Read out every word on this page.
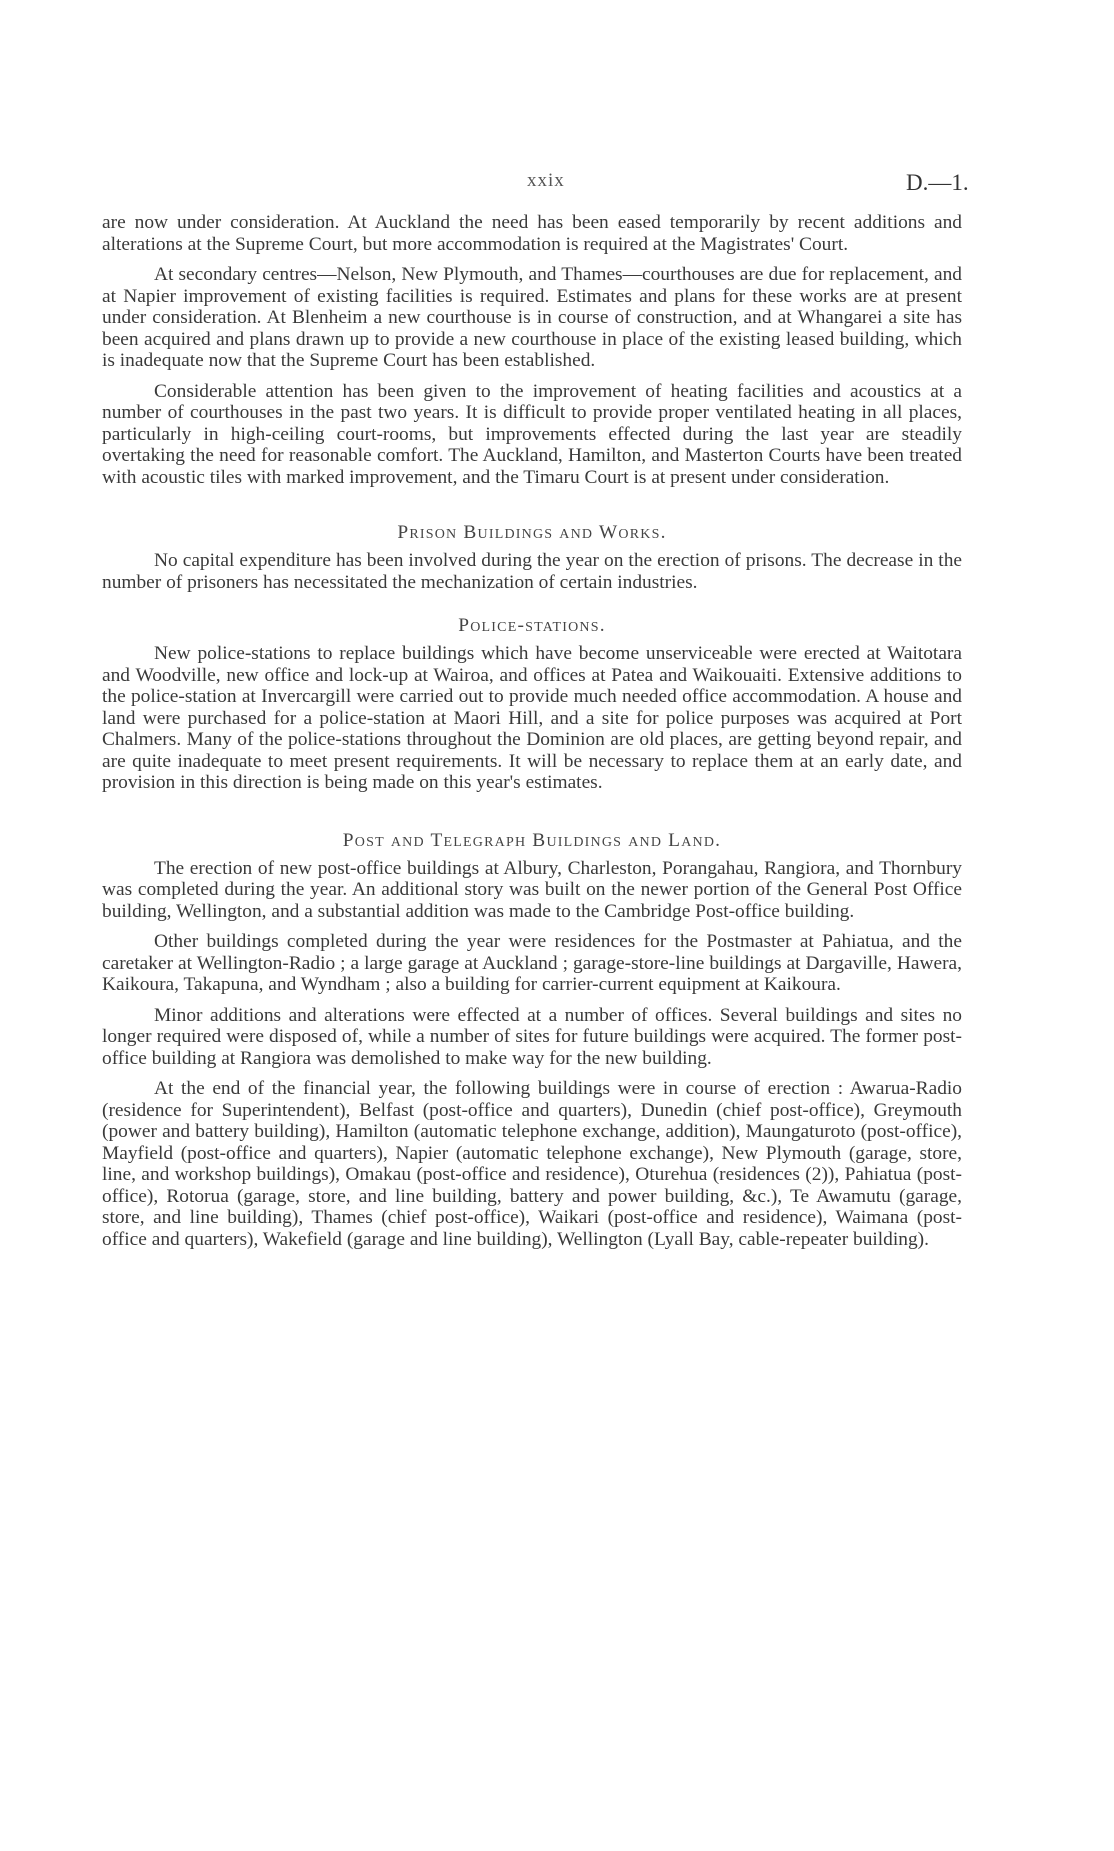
xxix	D.—1.

are now under consideration. At Auckland the need has been eased temporarily by recent additions and alterations at the Supreme Court, but more accommodation is required at the Magistrates' Court.

At secondary centres—Nelson, New Plymouth, and Thames—courthouses are due for replacement, and at Napier improvement of existing facilities is required. Estimates and plans for these works are at present under consideration. At Blenheim a new courthouse is in course of construction, and at Whangarei a site has been acquired and plans drawn up to provide a new courthouse in place of the existing leased building, which is inadequate now that the Supreme Court has been established.

Considerable attention has been given to the improvement of heating facilities and acoustics at a number of courthouses in the past two years. It is difficult to provide proper ventilated heating in all places, particularly in high-ceiling court-rooms, but improvements effected during the last year are steadily overtaking the need for reasonable comfort. The Auckland, Hamilton, and Masterton Courts have been treated with acoustic tiles with marked improvement, and the Timaru Court is at present under consideration.

Prison Buildings and Works.

No capital expenditure has been involved during the year on the erection of prisons. The decrease in the number of prisoners has necessitated the mechanization of certain industries.

Police-stations.

New police-stations to replace buildings which have become unserviceable were erected at Waitotara and Woodville, new office and lock-up at Wairoa, and offices at Patea and Waikouaiti. Extensive additions to the police-station at Invercargill were carried out to provide much needed office accommodation. A house and land were purchased for a police-station at Maori Hill, and a site for police purposes was acquired at Port Chalmers. Many of the police-stations throughout the Dominion are old places, are getting beyond repair, and are quite inadequate to meet present requirements. It will be necessary to replace them at an early date, and provision in this direction is being made on this year's estimates.

Post and Telegraph Buildings and Land.

The erection of new post-office buildings at Albury, Charleston, Porangahau, Rangiora, and Thornbury was completed during the year. An additional story was built on the newer portion of the General Post Office building, Wellington, and a substantial addition was made to the Cambridge Post-office building.

Other buildings completed during the year were residences for the Postmaster at Pahiatua, and the caretaker at Wellington-Radio ; a large garage at Auckland ; garage-store-line buildings at Dargaville, Hawera, Kaikoura, Takapuna, and Wyndham ; also a building for carrier-current equipment at Kaikoura.

Minor additions and alterations were effected at a number of offices. Several buildings and sites no longer required were disposed of, while a number of sites for future buildings were acquired. The former post-office building at Rangiora was demolished to make way for the new building.

At the end of the financial year, the following buildings were in course of erection : Awarua-Radio (residence for Superintendent), Belfast (post-office and quarters), Dunedin (chief post-office), Greymouth (power and battery building), Hamilton (automatic telephone exchange, addition), Maungaturoto (post-office), Mayfield (post-office and quarters), Napier (automatic telephone exchange), New Plymouth (garage, store, line, and workshop buildings), Omakau (post-office and residence), Oturehua (residences (2)), Pahiatua (post-office), Rotorua (garage, store, and line building, battery and power building, &c.), Te Awamutu (garage, store, and line building), Thames (chief post-office), Waikari (post-office and residence), Waimana (post-office and quarters), Wakefield (garage and line building), Wellington (Lyall Bay, cable-repeater building).
